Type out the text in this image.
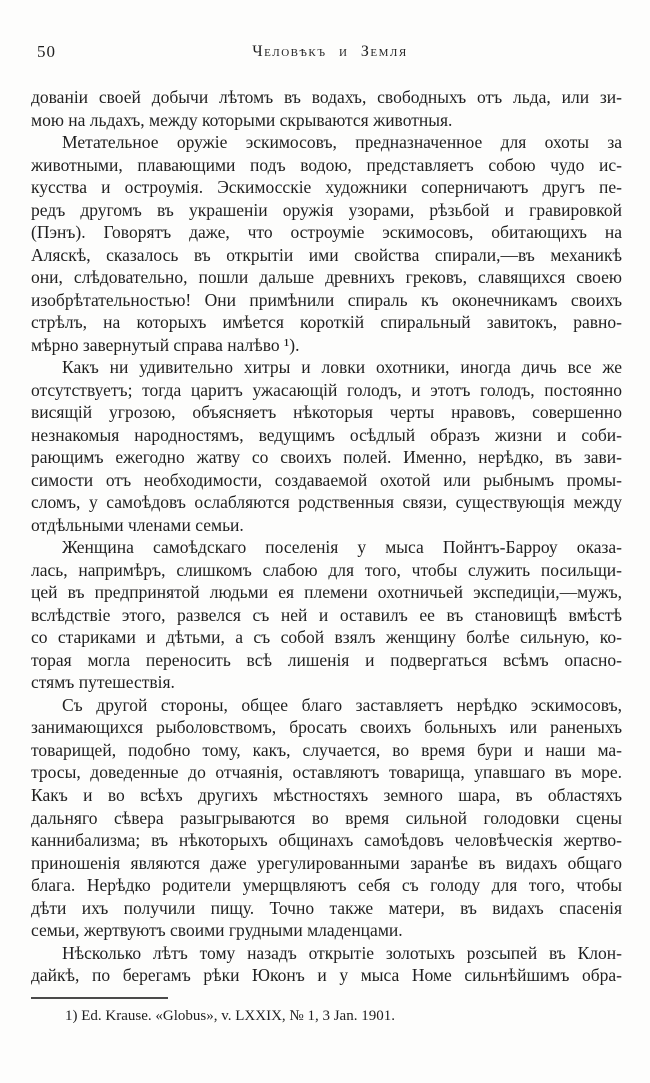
50	Человѣкъ и Земля
дованіи своей добычи лѣтомъ въ водахъ, свободныхъ отъ льда, или зи-
мою на льдахъ, между которыми скрываются животныя.
Метательное оружіе эскимосовъ, предназначенное для охоты за
животными, плавающими подъ водою, представляетъ собою чудо ис-
кусства и остроумія. Эскимосскіе художники соперничаютъ другъ пе-
редъ другомъ въ украшеніи оружія узорами, рѣзьбой и гравировкой
(Пэнъ). Говорятъ даже, что остроуміе эскимосовъ, обитающихъ на
Аляскѣ, сказалось въ открытіи ими свойства спирали,—въ механикѣ
они, слѣдовательно, пошли дальше древнихъ грековъ, славящихся своею
изобрѣтательностью! Они примѣнили спираль къ оконечникамъ своихъ
стрѣлъ, на которыхъ имѣется короткій спиральный завитокъ, равно-
мѣрно завернутый справа налѣво ¹).
Какъ ни удивительно хитры и ловки охотники, иногда дичь все же
отсутствуетъ; тогда царитъ ужасающій голодъ, и этотъ голодъ, постоянно
висящій угрозою, объясняетъ нѣкоторыя черты нравовъ, совершенно
незнакомыя народностямъ, ведущимъ осѣдлый образъ жизни и соби-
рающимъ ежегодно жатву со своихъ полей. Именно, нерѣдко, въ зави-
симости отъ необходимости, создаваемой охотой или рыбнымъ промы-
сломъ, у самоѣдовъ ослабляются родственныя связи, существующія между
отдѣльными членами семьи.
Женщина самоѣдскаго поселенія у мыса Пойнтъ-Барроу оказа-
лась, напримѣръ, слишкомъ слабою для того, чтобы служить посильщи-
цей въ предпринятой людьми ея племени охотничьей экспедиціи,—мужъ,
вслѣдствіе этого, развелся съ ней и оставилъ ее въ становищѣ вмѣстѣ
со стариками и дѣтьми, а съ собой взялъ женщину болѣе сильную, ко-
торая могла переносить всѣ лишенія и подвергаться всѣмъ опасно-
стямъ путешествія.
Съ другой стороны, общее благо заставляетъ нерѣдко эскимосовъ,
занимающихся рыболовствомъ, бросать своихъ больныхъ или раненыхъ
товарищей, подобно тому, какъ, случается, во время бури и наши ма-
тросы, доведенные до отчаянія, оставляютъ товарища, упавшаго въ море.
Какъ и во всѣхъ другихъ мѣстностяхъ земного шара, въ областяхъ
дальняго сѣвера разыгрываются во время сильной голодовки сцены
каннибализма; въ нѣкоторыхъ общинахъ самоѣдовъ человѣческія жертво-
приношенія являются даже урегулированными заранѣе въ видахъ общаго
блага. Нерѣдко родители умерщвляютъ себя съ голоду для того, чтобы
дѣти ихъ получили пищу. Точно также матери, въ видахъ спасенія
семьи, жертвуютъ своими грудными младенцами.
Нѣсколько лѣтъ тому назадъ открытіе золотыхъ розсыпей въ Клон-
дайкѣ, по берегамъ рѣки Юконъ и у мыса Номе сильнѣйшимъ обра-
1) Ed. Krause. «Globus», v. LXXIX, № 1, 3 Jan. 1901.
